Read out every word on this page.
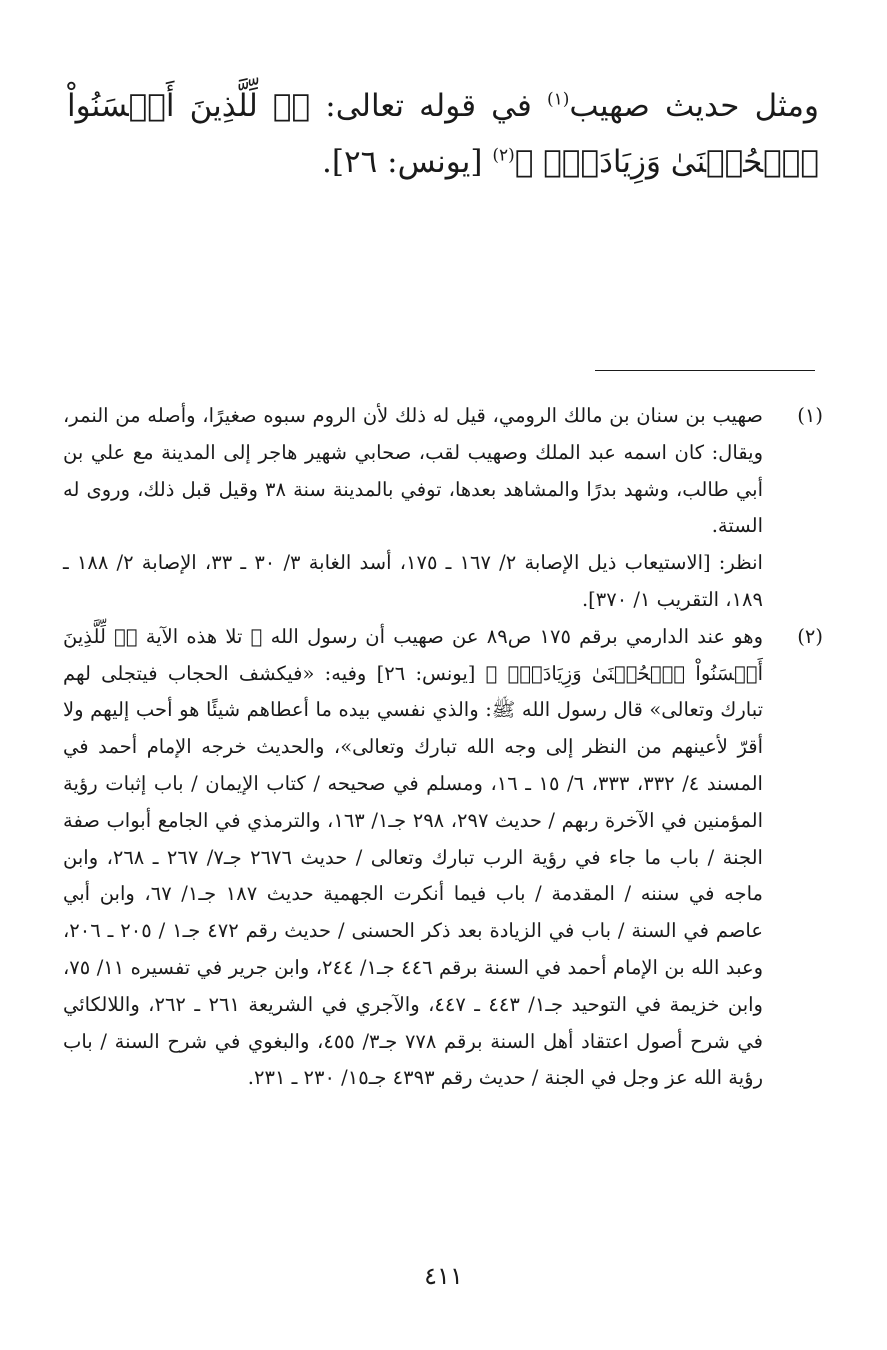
ومثل حديث صهيب$^{(١)}$ في قوله تعالى: ﴿۞ لِّلَّذِينَ أَحۡسَنُواْ ٱلۡحُسۡنَىٰ وَزِيَادَةٞۖ ﴾$^{(٢)}$ [يونس: ٢٦].
(١)

صهيب بن سنان بن مالك الرومي، قيل له ذلك لأن الروم سبوه صغيرًا، وأصله من النمر، ويقال: كان اسمه عبد الملك وصهيب لقب، صحابي شهير هاجر إلى المدينة مع علي بن أبي طالب، وشهد بدرًا والمشاهد بعدها، توفي بالمدينة سنة ٣٨ وقيل قبل ذلك، وروى له الستة.

انظر: [الاستيعاب ذيل الإصابة ٢/ ١٦٧ ـ ١٧٥، أسد الغابة ٣/ ٣٠ ـ ٣٣، الإصابة ٢/ ١٨٨ ـ ١٨٩، التقريب ١/ ٣٧٠].

(٢)

وهو عند الدارمي برقم ١٧٥ ص٨٩ عن صهيب أن رسول الله ﷺ تلا هذه الآية ﴿۞ لِّلَّذِينَ أَحۡسَنُواْ ٱلۡحُسۡنَىٰ وَزِيَادَةٞۖ ﴾ [يونس: ٢٦] وفيه: «فيكشف الحجاب فيتجلى لهم تبارك وتعالى» قال رسول الله ﷺ: والذي نفسي بيده ما أعطاهم شيئًا هو أحب إليهم ولا أقرّ لأعينهم من النظر إلى وجه الله تبارك وتعالى»، والحديث خرجه الإمام أحمد في المسند ٤/ ٣٣٢، ٣٣٣، ٦/ ١٥ ـ ١٦، ومسلم في صحيحه / كتاب الإيمان / باب إثبات رؤية المؤمنين في الآخرة ربهم / حديث ٢٩٧، ٢٩٨ جـ١/ ١٦٣، والترمذي في الجامع أبواب صفة الجنة / باب ما جاء في رؤية الرب تبارك وتعالى / حديث ٢٦٧٦ جـ٧/ ٢٦٧ ـ ٢٦٨، وابن ماجه في سننه / المقدمة / باب فيما أنكرت الجهمية حديث ١٨٧ جـ١/ ٦٧، وابن أبي عاصم في السنة / باب في الزيادة بعد ذكر الحسنى / حديث رقم ٤٧٢ جـ١ / ٢٠٥ ـ ٢٠٦، وعبد الله بن الإمام أحمد في السنة برقم ٤٤٦ جـ١/ ٢٤٤، وابن جرير في تفسيره ١١/ ٧٥، وابن خزيمة في التوحيد جـ١/ ٤٤٣ ـ ٤٤٧، والآجري في الشريعة ٢٦١ ـ ٢٦٢، واللالكائي في شرح أصول اعتقاد أهل السنة برقم ٧٧٨ جـ٣/ ٤٥٥، والبغوي في شرح السنة / باب رؤية الله عز وجل في الجنة / حديث رقم ٤٣٩٣ جـ١٥/ ٢٣٠ ـ ٢٣١.

٤١١
